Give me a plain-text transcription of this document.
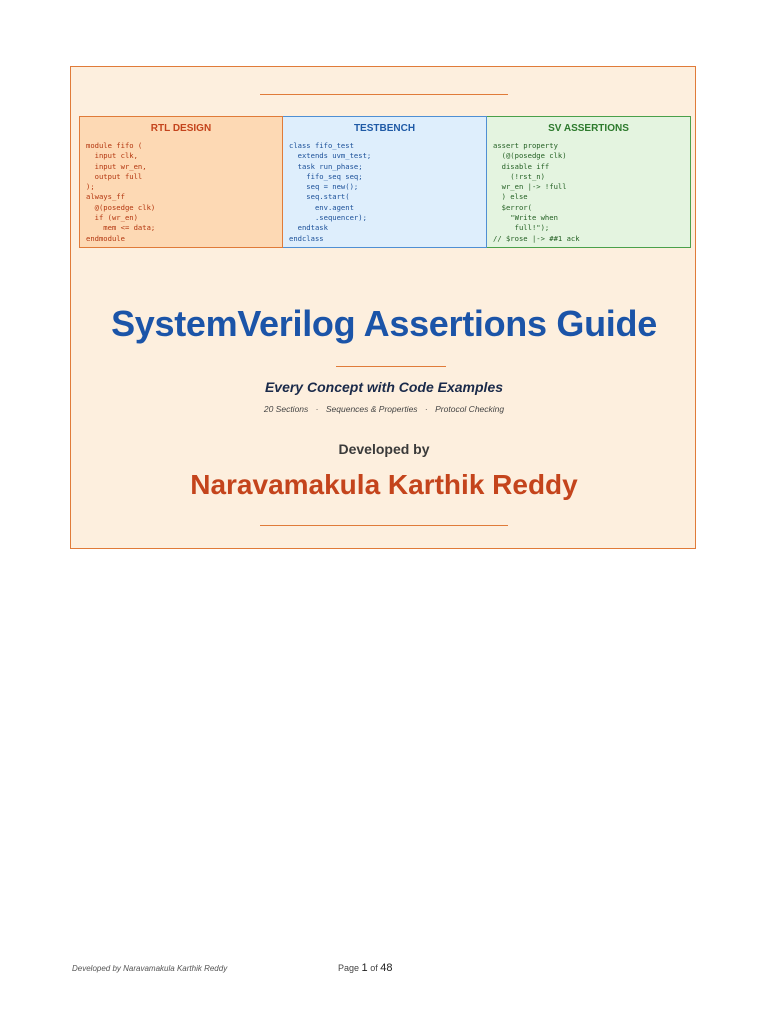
RTL DESIGN
module fifo (
input clk,
input wr_en,
output full
);
always_ff
@(posedge clk)
if (wr_en)
mem <= data;
endmodule
TESTBENCH
class fifo_test
extends uvm_test;
task run_phase;
fifo_seq seq;
seq = new();
seq.start(
env.agent
.sequencer);
endtask
endclass
SV ASSERTIONS
assert property
(@(posedge clk)
disable iff
(!rst_n)
wr_en |-> !full
) else
$error(
"Write when
full!");
// $rose |-> ##1 ack
SystemVerilog Assertions Guide
Every Concept with Code Examples
20 Sections · Sequences & Properties · Protocol Checking
Developed by
Naravamakula Karthik Reddy
Developed by Naravamakula Karthik Reddy	Page 1 of 48
